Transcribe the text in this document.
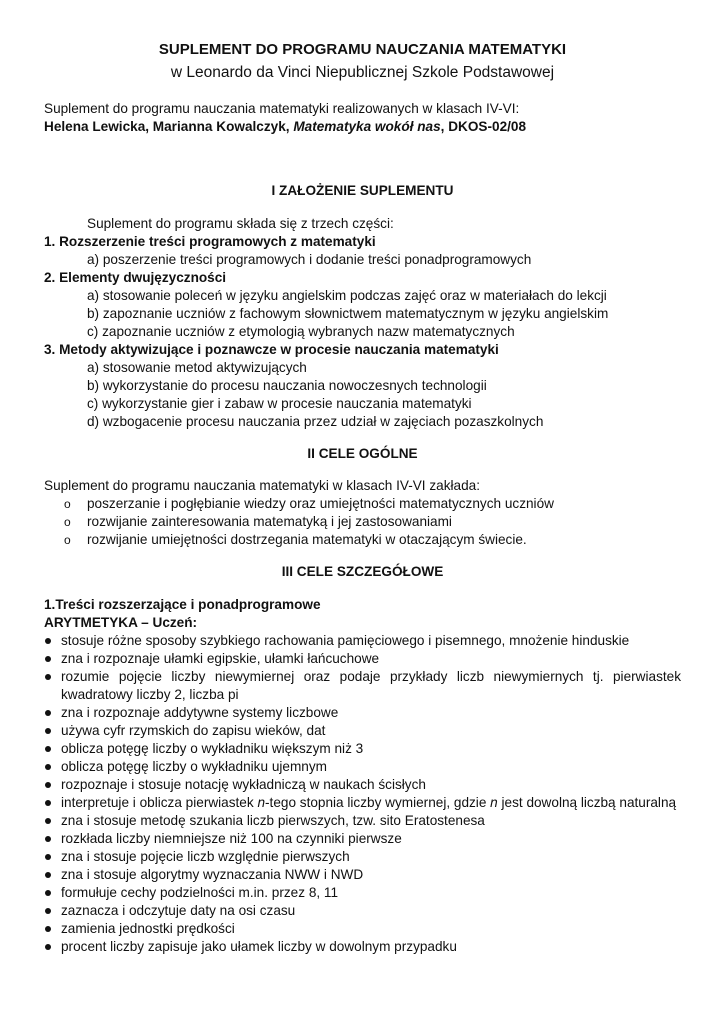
SUPLEMENT DO PROGRAMU NAUCZANIA MATEMATYKI
w Leonardo da Vinci Niepublicznej Szkole Podstawowej
Suplement do programu nauczania matematyki realizowanych w klasach IV-VI:
Helena Lewicka, Marianna Kowalczyk, Matematyka wokół nas, DKOS-02/08
I ZAŁOŻENIE SUPLEMENTU
Suplement do programu składa się z trzech części:
1. Rozszerzenie treści programowych z matematyki
a) poszerzenie treści programowych i dodanie treści ponadprogramowych
2. Elementy dwujęzyczności
a) stosowanie poleceń w języku angielskim podczas zajęć oraz w materiałach do lekcji
b) zapoznanie uczniów z fachowym słownictwem matematycznym w języku angielskim
c) zapoznanie uczniów z etymologią wybranych nazw matematycznych
3. Metody aktywizujące i poznawcze w procesie nauczania matematyki
a) stosowanie metod aktywizujących
b) wykorzystanie do procesu nauczania nowoczesnych technologii
c) wykorzystanie gier i zabaw w procesie nauczania matematyki
d) wzbogacenie procesu nauczania przez udział w zajęciach pozaszkolnych
II CELE OGÓLNE
Suplement do programu nauczania matematyki w klasach IV-VI zakłada:
o poszerzanie i pogłębianie wiedzy oraz umiejętności matematycznych uczniów
o rozwijanie zainteresowania matematyką i jej zastosowaniami
o rozwijanie umiejętności dostrzegania matematyki w otaczającym świecie.
III CELE SZCZEGÓŁOWE
1.Treści rozszerzające i ponadprogramowe
ARYTMETYKA – Uczeń:
stosuje różne sposoby szybkiego rachowania pamięciowego i pisemnego, mnożenie hinduskie
zna i rozpoznaje ułamki egipskie, ułamki łańcuchowe
rozumie pojęcie liczby niewymiernej oraz podaje przykłady liczb niewymiernych tj. pierwiastek
kwadratowy liczby 2, liczba pi
zna i rozpoznaje addytywne systemy liczbowe
używa cyfr rzymskich do zapisu wieków, dat
oblicza potęgę liczby o wykładniku większym niż 3
oblicza potęgę liczby o wykładniku ujemnym
rozpoznaje i stosuje notację wykładniczą w naukach ścisłych
interpretuje i oblicza pierwiastek n-tego stopnia liczby wymiernej, gdzie n jest dowolną liczbą naturalną
zna i stosuje metodę szukania liczb pierwszych, tzw. sito Eratostenesa
rozkłada liczby niemniejsze niż 100 na czynniki pierwsze
zna i stosuje pojęcie liczb względnie pierwszych
zna i stosuje algorytmy wyznaczania NWW i NWD
formułuje cechy podzielności m.in. przez 8, 11
zaznacza i odczytuje daty na osi czasu
zamienia jednostki prędkości
procent liczby zapisuje jako ułamek liczby w dowolnym przypadku
